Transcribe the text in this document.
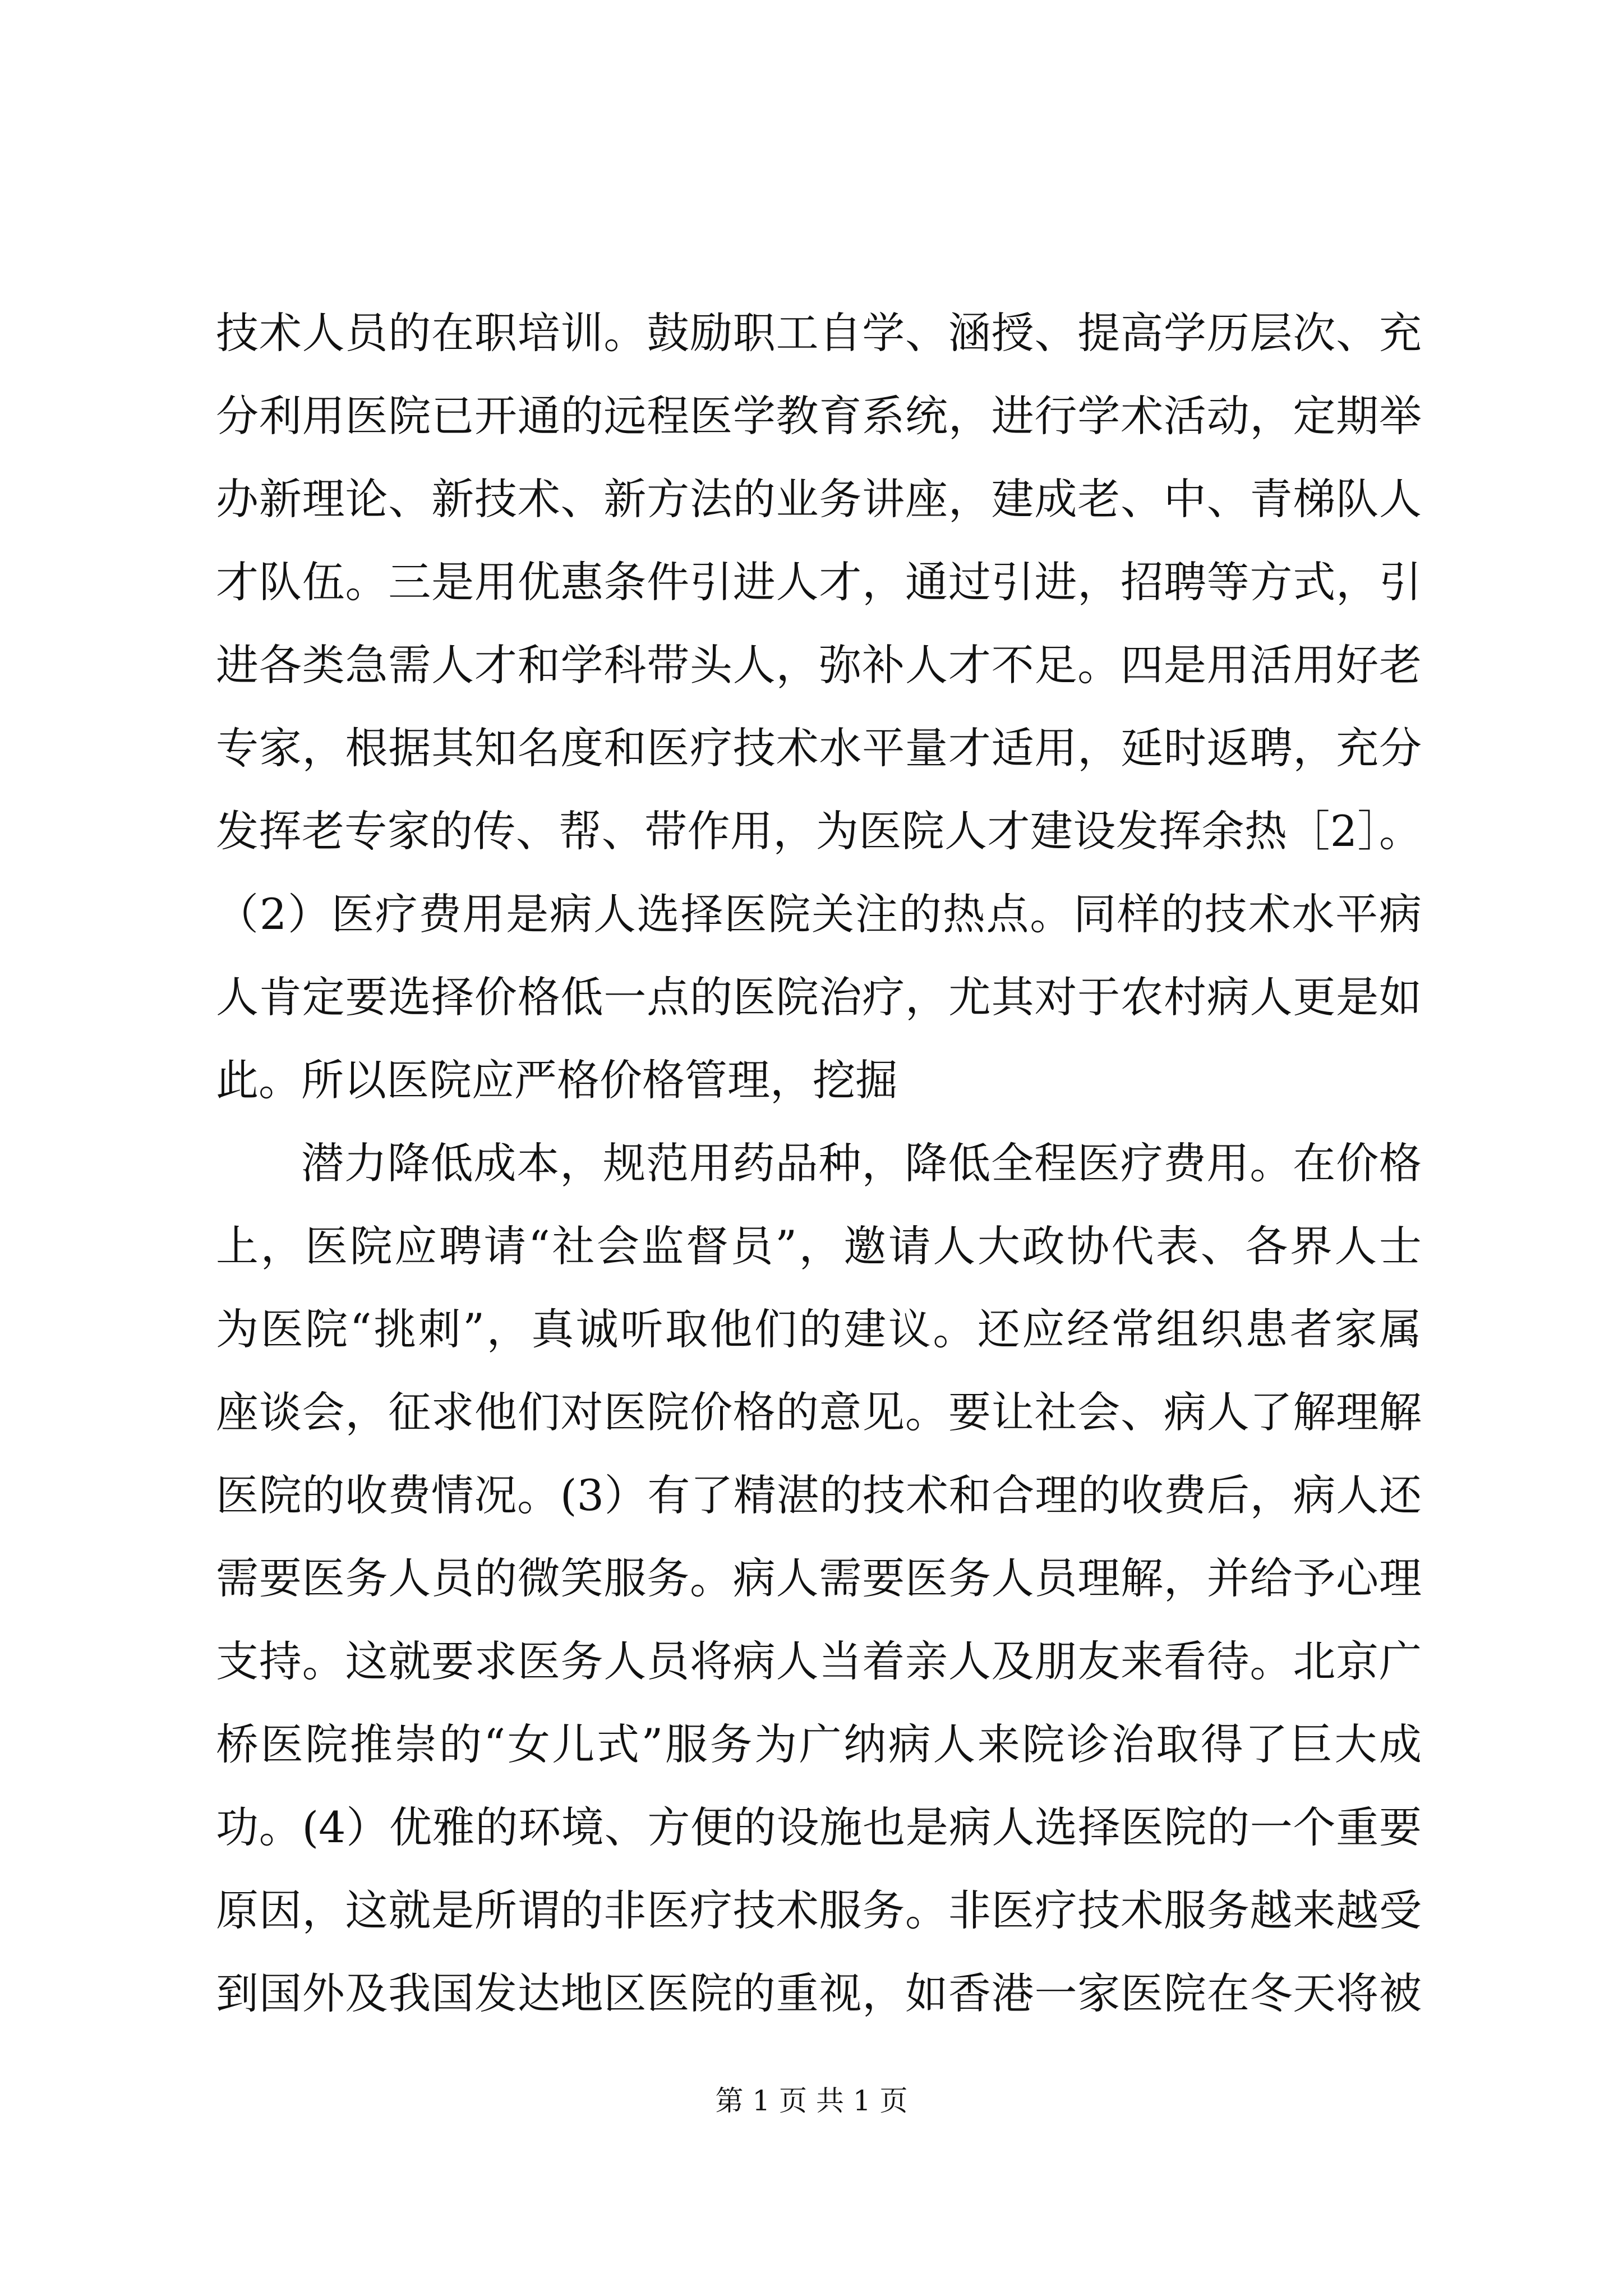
技术人员的在职培训。鼓励职工自学、涵授、提高学历层次、充
分利用医院已开通的远程医学教育系统，进行学术活动，定期举
办新理论、新技术、新方法的业务讲座，建成老、中、青梯队人
才队伍。三是用优惠条件引进人才，通过引进，招聘等方式，引
进各类急需人才和学科带头人，弥补人才不足。四是用活用好老
专家，根据其知名度和医疗技术水平量才适用，延时返聘，充分
发挥老专家的传、帮、带作用，为医院人才建设发挥余热［2］。
（2）医疗费用是病人选择医院关注的热点。同样的技术水平病
人肯定要选择价格低一点的医院治疗，尤其对于农村病人更是如
此。所以医院应严格价格管理，挖掘
潜力降低成本，规范用药品种，降低全程医疗费用。在价格
上，医院应聘请“社会监督员”，邀请人大政协代表、各界人士
为医院“挑刺”，真诚听取他们的建议。还应经常组织患者家属
座谈会，征求他们对医院价格的意见。要让社会、病人了解理解
医院的收费情况。(3）有了精湛的技术和合理的收费后，病人还
需要医务人员的微笑服务。病人需要医务人员理解，并给予心理
支持。这就要求医务人员将病人当着亲人及朋友来看待。北京广
桥医院推崇的“女儿式”服务为广纳病人来院诊治取得了巨大成
功。(4）优雅的环境、方便的设施也是病人选择医院的一个重要
原因，这就是所谓的非医疗技术服务。非医疗技术服务越来越受
到国外及我国发达地区医院的重视，如香港一家医院在冬天将被
第 1 页 共 1 页
